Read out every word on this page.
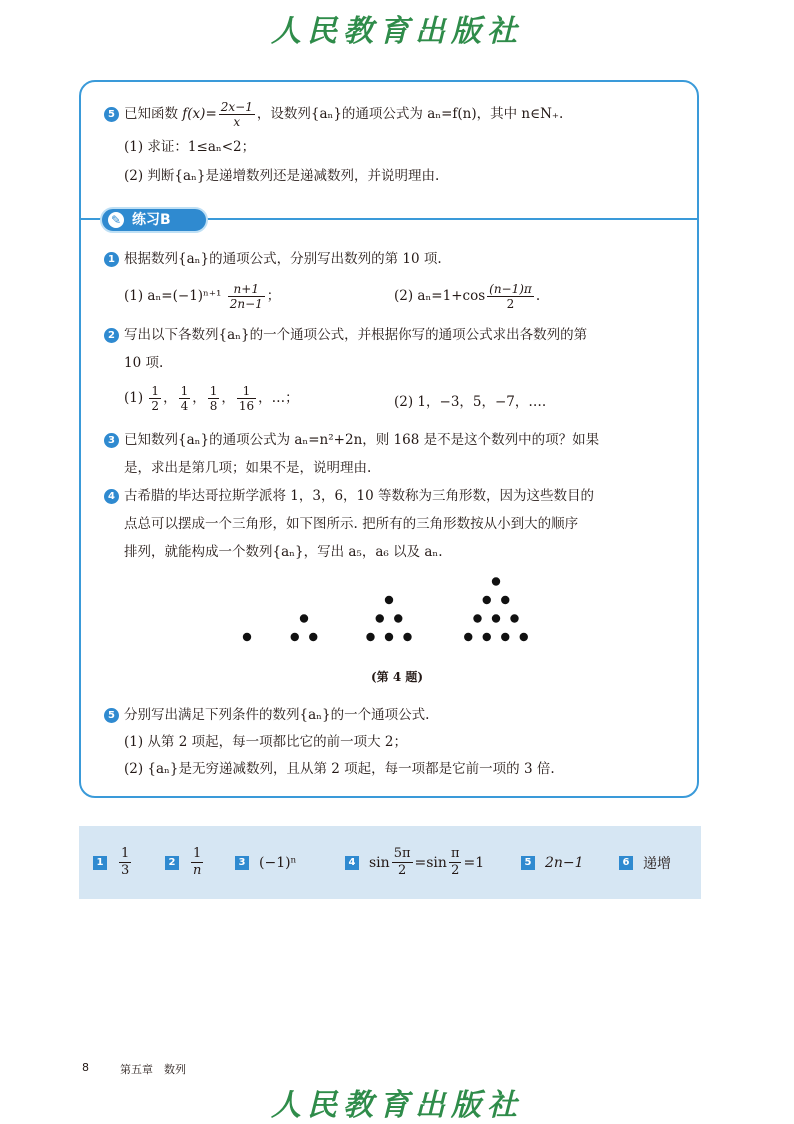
人民教育出版社
5 已知函数 $f(x)= \frac{2x-1}{x}$ ，设数列{aₙ}的通项公式为 aₙ=f(n)，其中 n∈N₊.
(1) 求证：1≤aₙ<2；
(2) 判断{aₙ}是递增数列还是递减数列，并说明理由.
✎ 练习B
1 根据数列{aₙ}的通项公式，分别写出数列的第 10 项.
(1) $a_n=(-1)^{n+1} \frac{n+1}{2n-1}$ ；	(2) $a_n=1+\cos \frac{(n-1)\pi}{2}$ .
2 写出以下各数列{aₙ}的一个通项公式，并根据你写的通项公式求出各数列的第
10 项.
$(1) \frac{1}{2}$ ， $\frac{1}{4}$ ， $\frac{1}{8}$ ， $\frac{1}{16}$ ，…；	(2) 1，−3，5，−7，….
3 已知数列{aₙ}的通项公式为 aₙ=n²+2n，则 168 是不是这个数列中的项？如果
是，求出是第几项；如果不是，说明理由.
4 古希腊的毕达哥拉斯学派将 1，3，6，10 等数称为三角形数，因为这些数目的
点总可以摆成一个三角形，如下图所示. 把所有的三角形数按从小到大的顺序
排列，就能构成一个数列{aₙ}，写出 a₅，a₆ 以及 aₙ.
(第 4 题)
5 分别写出满足下列条件的数列{aₙ}的一个通项公式.
(1) 从第 2 项起，每一项都比它的前一项大 2；
(2) {aₙ}是无穷递减数列，且从第 2 项起，每一项都是它前一项的 3 倍.
$1 \frac{1}{3}$	$2 \frac{1}{n}$	3 (−1)ⁿ	4 $\sin \frac{5\pi}{2} =\sin \frac{\pi}{2} =1$	5 2n−1	6 递增
8	第五章　数列
人民教育出版社
